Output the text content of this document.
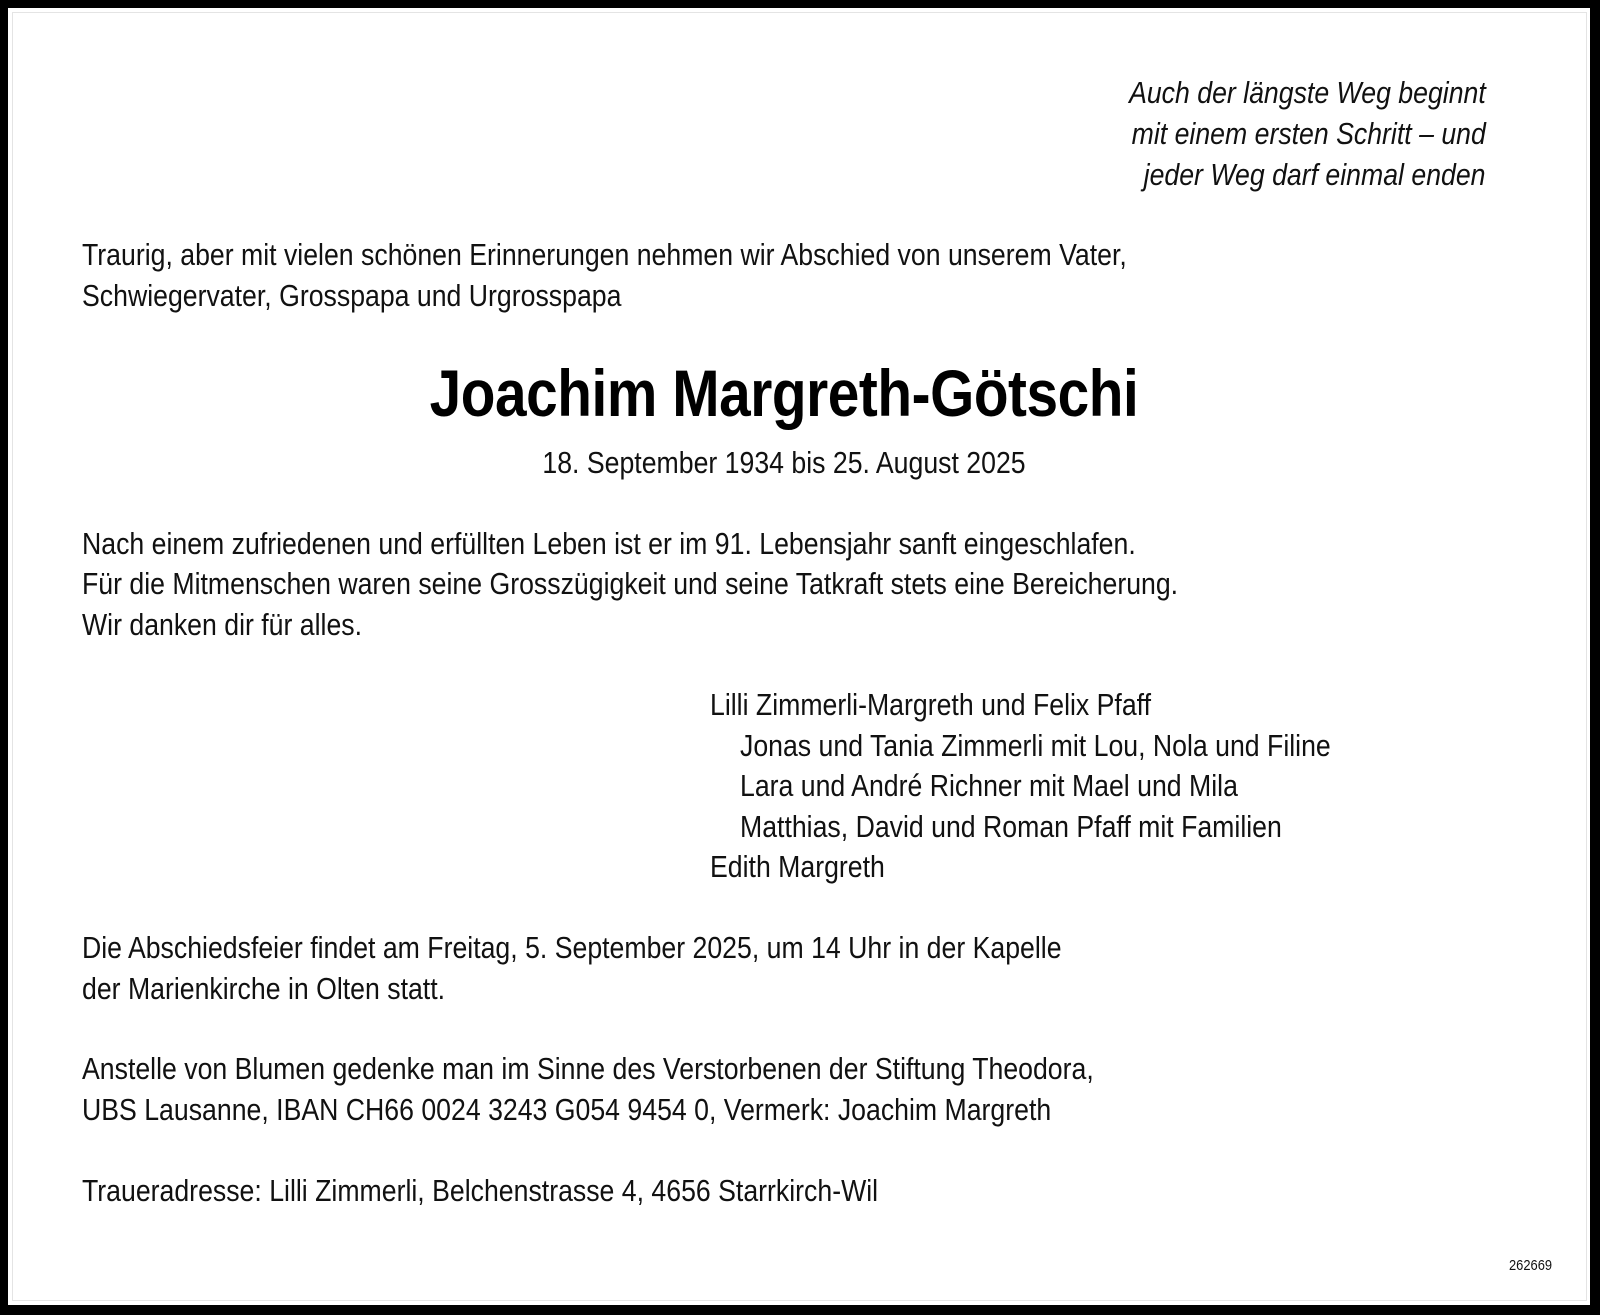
Auch der längste Weg beginnt
mit einem ersten Schritt – und
jeder Weg darf einmal enden
Traurig, aber mit vielen schönen Erinnerungen nehmen wir Abschied von unserem Vater,
Schwiegervater, Grosspapa und Urgrosspapa
Joachim Margreth-Götschi
18. September 1934 bis 25. August 2025
Nach einem zufriedenen und erfüllten Leben ist er im 91. Lebensjahr sanft eingeschlafen.
Für die Mitmenschen waren seine Grosszügigkeit und seine Tatkraft stets eine Bereicherung.
Wir danken dir für alles.
Lilli Zimmerli-Margreth und Felix Pfaff
Jonas und Tania Zimmerli mit Lou, Nola und Filine
Lara und André Richner mit Mael und Mila
Matthias, David und Roman Pfaff mit Familien
Edith Margreth
Die Abschiedsfeier findet am Freitag, 5. September 2025, um 14 Uhr in der Kapelle
der Marienkirche in Olten statt.
Anstelle von Blumen gedenke man im Sinne des Verstorbenen der Stiftung Theodora,
UBS Lausanne, IBAN CH66 0024 3243 G054 9454 0, Vermerk: Joachim Margreth
Traueradresse: Lilli Zimmerli, Belchenstrasse 4, 4656 Starrkirch-Wil
262669
